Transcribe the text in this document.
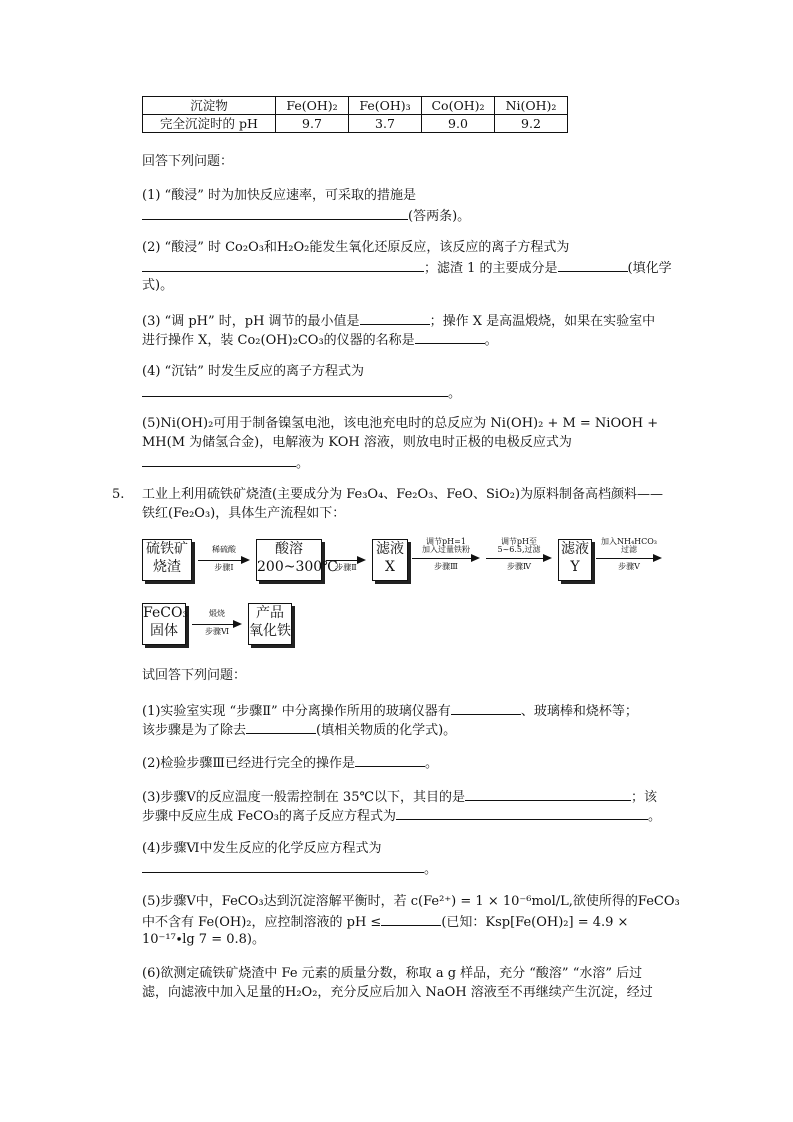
沉淀物	Fe(OH)₂	Fe(OH)₃	Co(OH)₂	Ni(OH)₂
完全沉淀时的 pH	9.7	3.7	9.0	9.2
回答下列问题：
(1) “酸浸” 时为加快反应速率，可采取的措施是
(答两条)。
(2) “酸浸” 时 Co₂O₃和H₂O₂能发生氧化还原反应，该反应的离子方程式为
；滤渣 1 的主要成分是	(填化学
式)。
(3) “调 pH” 时，pH 调节的最小值是	；操作 X 是高温煅烧，如果在实验室中
进行操作 X，装 Co₂(OH)₂CO₃的仪器的名称是	。
(4) “沉钴” 时发生反应的离子方程式为
。
(5)Ni(OH)₂可用于制备镍氢电池，该电池充电时的总反应为 Ni(OH)₂ + M = NiOOH +
MH(M 为储氢合金)，电解液为 KOH 溶液，则放电时正极的电极反应式为
。
5. 工业上利用硫铁矿烧渣(主要成分为 Fe₃O₄、Fe₂O₃、FeO、SiO₂)为原料制备高档颜料——
铁红(Fe₂O₃)，具体生产流程如下：
硫铁矿
烧渣
稀硫酸
步骤Ⅰ
酸溶
200~300℃
步骤Ⅱ
滤液
X
调节pH=1
加入过量铁粉
步骤Ⅲ
调节pH至
5~6.5,过滤
步骤Ⅳ
滤液
Y
加入NH₄HCO₃
过滤
步骤Ⅴ
FeCO₃
固体
煅烧
步骤Ⅵ
产品
氧化铁
试回答下列问题：
(1)实验室实现 “步骤Ⅱ” 中分离操作所用的玻璃仪器有	、玻璃棒和烧杯等；
该步骤是为了除去	(填相关物质的化学式)。
(2)检验步骤Ⅲ已经进行完全的操作是	。
(3)步骤Ⅴ的反应温度一般需控制在 35℃以下，其目的是	；该
步骤中反应生成 FeCO₃的离子反应方程式为	。
(4)步骤Ⅵ中发生反应的化学反应方程式为
。
(5)步骤Ⅴ中，FeCO₃达到沉淀溶解平衡时，若 c(Fe²⁺) = 1 × 10⁻⁶mol/L,欲使所得的FeCO₃
中不含有 Fe(OH)₂，应控制溶液的 pH ≤	(已知：Ksp[Fe(OH)₂] = 4.9 ×
10⁻¹⁷∙lg 7 = 0.8)。
(6)欲测定硫铁矿烧渣中 Fe 元素的质量分数，称取 a g 样品，充分 “酸溶” “水溶” 后过
滤，向滤液中加入足量的H₂O₂，充分反应后加入 NaOH 溶液至不再继续产生沉淀，经过
